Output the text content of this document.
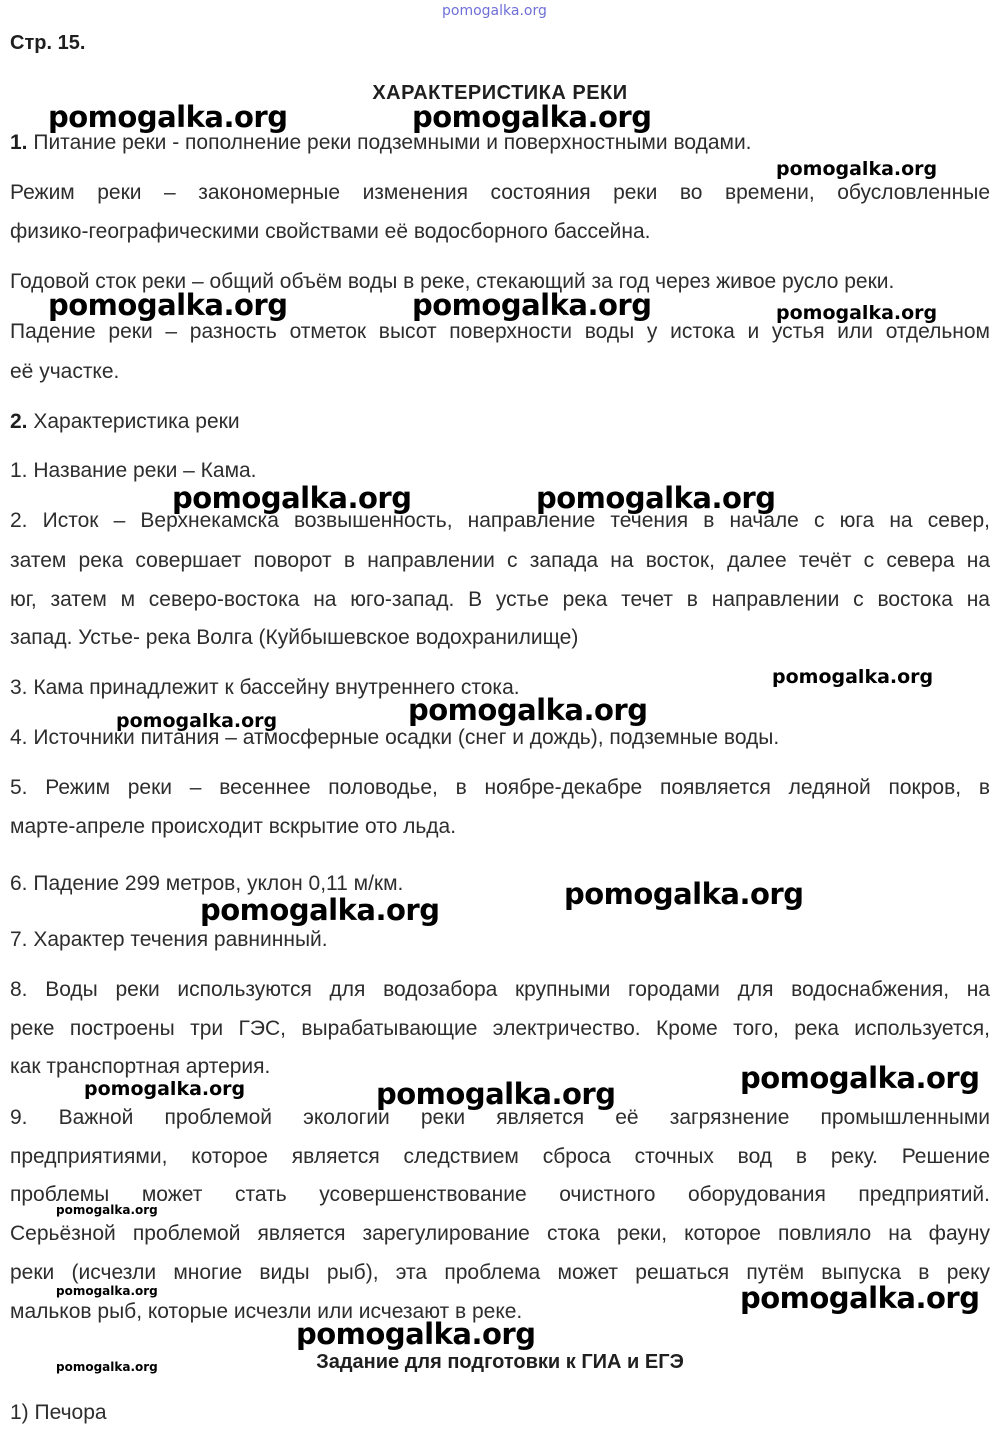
pomogalka.org
Стр. 15.
ХАРАКТЕРИСТИКА РЕКИ
1. Питание реки - пополнение реки подземными и поверхностными водами.
Режим реки – закономерные изменения состояния реки во времени, обусловленные
физико-географическими свойствами её водосборного бассейна.
Годовой сток реки – общий объём воды в реке, стекающий за год через живое русло реки.
Падение реки – разность отметок высот поверхности воды у истока и устья или отдельном
её участке.
2. Характеристика реки
1. Название реки – Кама.
2. Исток – Верхнекамска возвышенность, направление течения в начале с юга на север,
затем река совершает поворот в направлении с запада на восток, далее течёт с севера на
юг, затем м северо-востока на юго-запад. В устье река течет в направлении с востока на
запад. Устье- река Волга (Куйбышевское водохранилище)
3. Кама принадлежит к бассейну внутреннего стока.
4. Источники питания – атмосферные осадки (снег и дождь), подземные воды.
5. Режим реки – весеннее половодье, в ноябре-декабре появляется ледяной покров, в
марте-апреле происходит вскрытие ото льда.
6. Падение 299 метров, уклон 0,11 м/км.
7. Характер течения равнинный.
8. Воды реки используются для водозабора крупными городами для водоснабжения, на
реке построены три ГЭС, вырабатывающие электричество. Кроме того, река используется,
как транспортная артерия.
9. Важной проблемой экологии реки является её загрязнение промышленными
предприятиями, которое является следствием сброса сточных вод в реку. Решение
проблемы может стать усовершенствование очистного оборудования предприятий.
Серьёзной проблемой является зарегулирование стока реки, которое повлияло на фауну
реки (исчезли многие виды рыб), эта проблема может решаться путём выпуска в реку
мальков рыб, которые исчезли или исчезают в реке.
Задание для подготовки к ГИА и ЕГЭ
1) Печора
pomogalka.org	pomogalka.org
pomogalka.org
pomogalka.org	pomogalka.org	pomogalka.org
pomogalka.org	pomogalka.org
pomogalka.org
pomogalka.org
pomogalka.org
pomogalka.org
pomogalka.org
pomogalka.org
pomogalka.org	pomogalka.org
pomogalka.org
pomogalka.org	pomogalka.org
pomogalka.org
pomogalka.org
